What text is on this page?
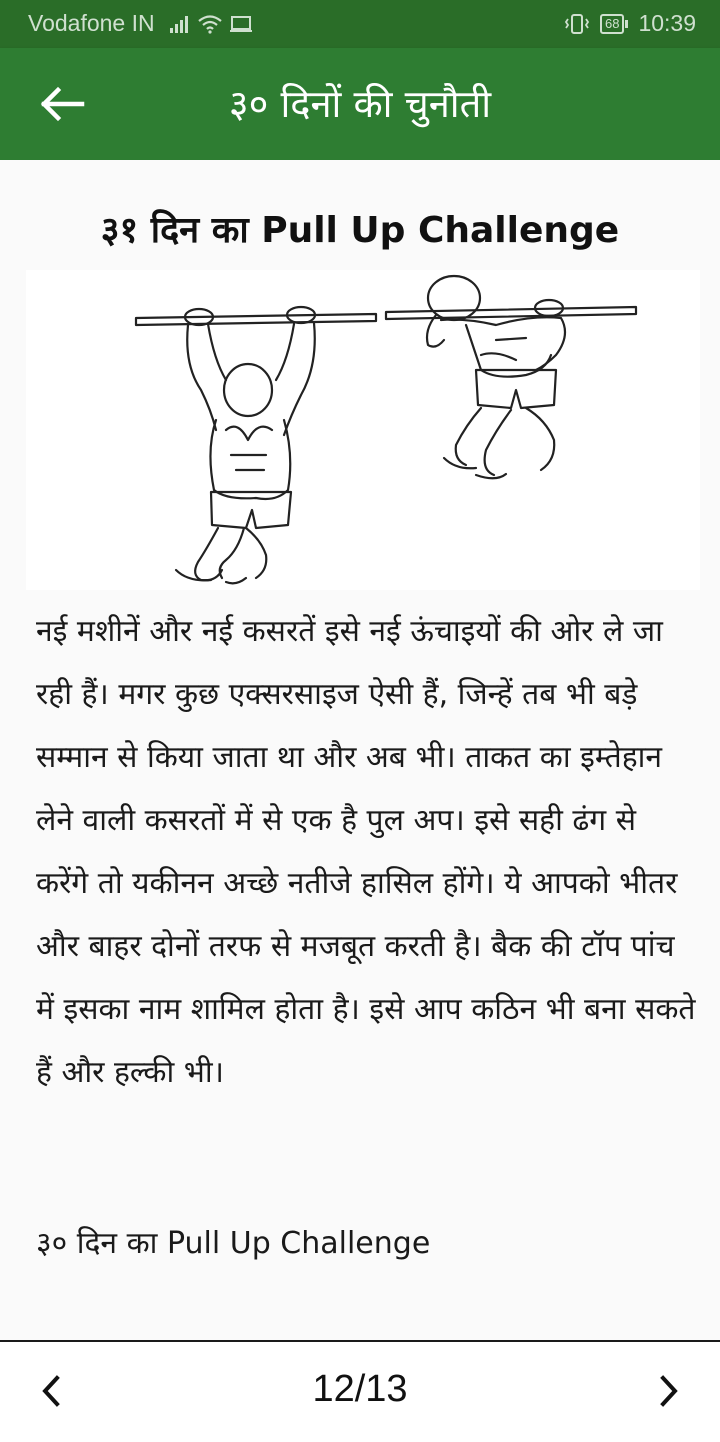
Vodafone IN	68 10:39
३० दिनों की चुनौती
३१ दिन का Pull Up Challenge

नई मशीनें और नई कसरतें इसे नई ऊंचाइयों की ओर ले जा रही हैं। मगर कुछ एक्सरसाइज ऐसी हैं, जिन्हें तब भी बड़े सम्मान से किया जाता था और अब भी। ताकत का इम्तेहान लेने वाली कसरतों में से एक है पुल अप। इसे सही ढंग से करेंगे तो यकीनन अच्छे नतीजे हासिल होंगे। ये आपको भीतर और बाहर दोनों तरफ से मजबूत करती है। बैक की टॉप पांच में इसका नाम शामिल होता है। इसे आप कठिन भी बना सकते हैं और हल्की भी।

३० दिन का Pull Up Challenge

12/13
